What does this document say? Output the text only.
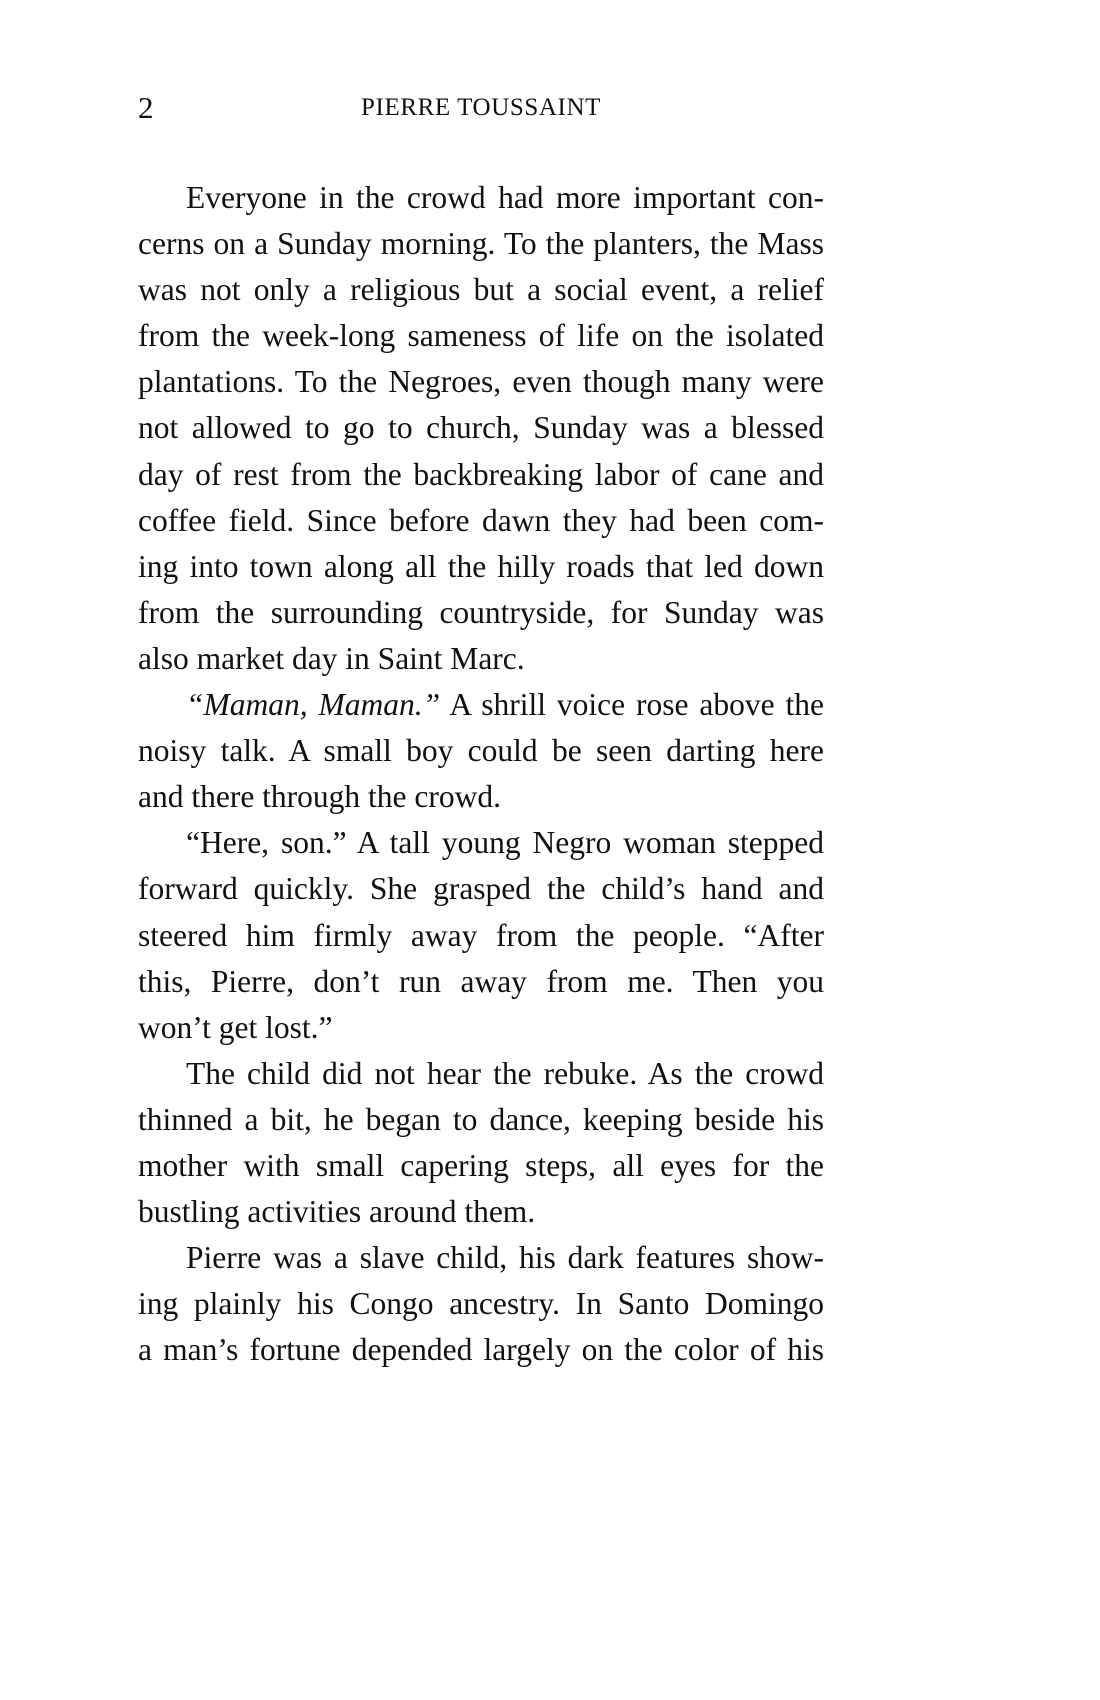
2	PIERRE TOUSSAINT
Everyone in the crowd had more important con-
cerns on a Sunday morning. To the planters, the Mass
was not only a religious but a social event, a relief
from the week-long sameness of life on the isolated
plantations. To the Negroes, even though many were
not allowed to go to church, Sunday was a blessed
day of rest from the backbreaking labor of cane and
coffee field. Since before dawn they had been com-
ing into town along all the hilly roads that led down
from the surrounding countryside, for Sunday was
also market day in Saint Marc.
“Maman, Maman.” A shrill voice rose above the
noisy talk. A small boy could be seen darting here
and there through the crowd.
“Here, son.” A tall young Negro woman stepped
forward quickly. She grasped the child’s hand and
steered him firmly away from the people. “After
this, Pierre, don’t run away from me. Then you
won’t get lost.”
The child did not hear the rebuke. As the crowd
thinned a bit, he began to dance, keeping beside his
mother with small capering steps, all eyes for the
bustling activities around them.
Pierre was a slave child, his dark features show-
ing plainly his Congo ancestry. In Santo Domingo
a man’s fortune depended largely on the color of his
